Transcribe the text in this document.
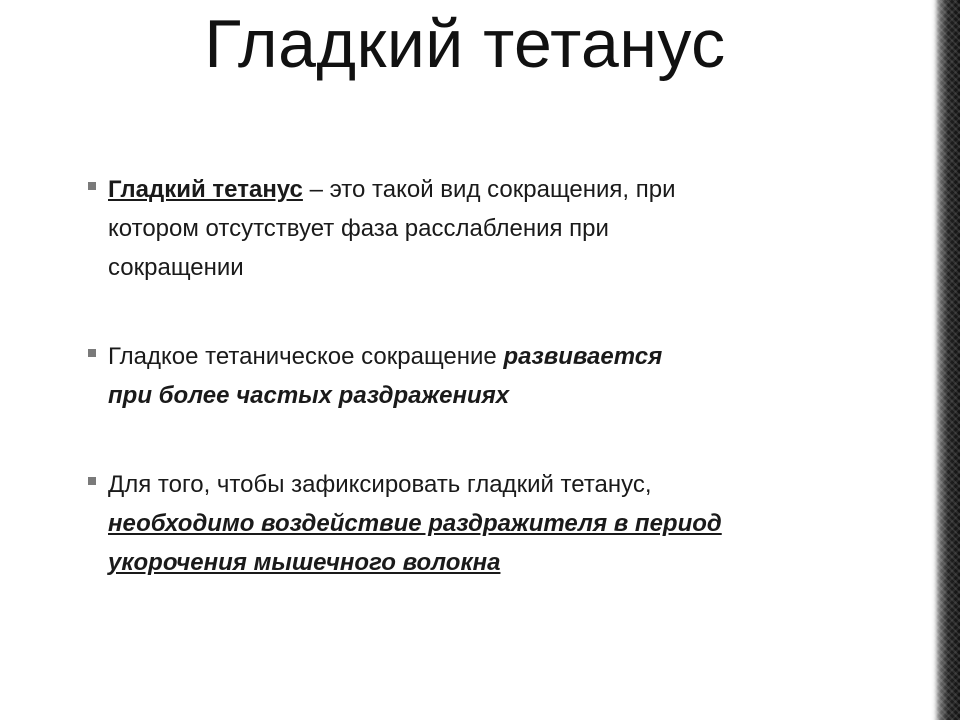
Гладкий тетанус
Гладкий тетанус – это такой вид сокращения, при
котором отсутствует фаза расслабления при
сокращении
Гладкое тетаническое сокращение развивается
при более частых раздражениях
Для того, чтобы зафиксировать гладкий тетанус,
необходимо воздействие раздражителя в период
укорочения мышечного волокна
